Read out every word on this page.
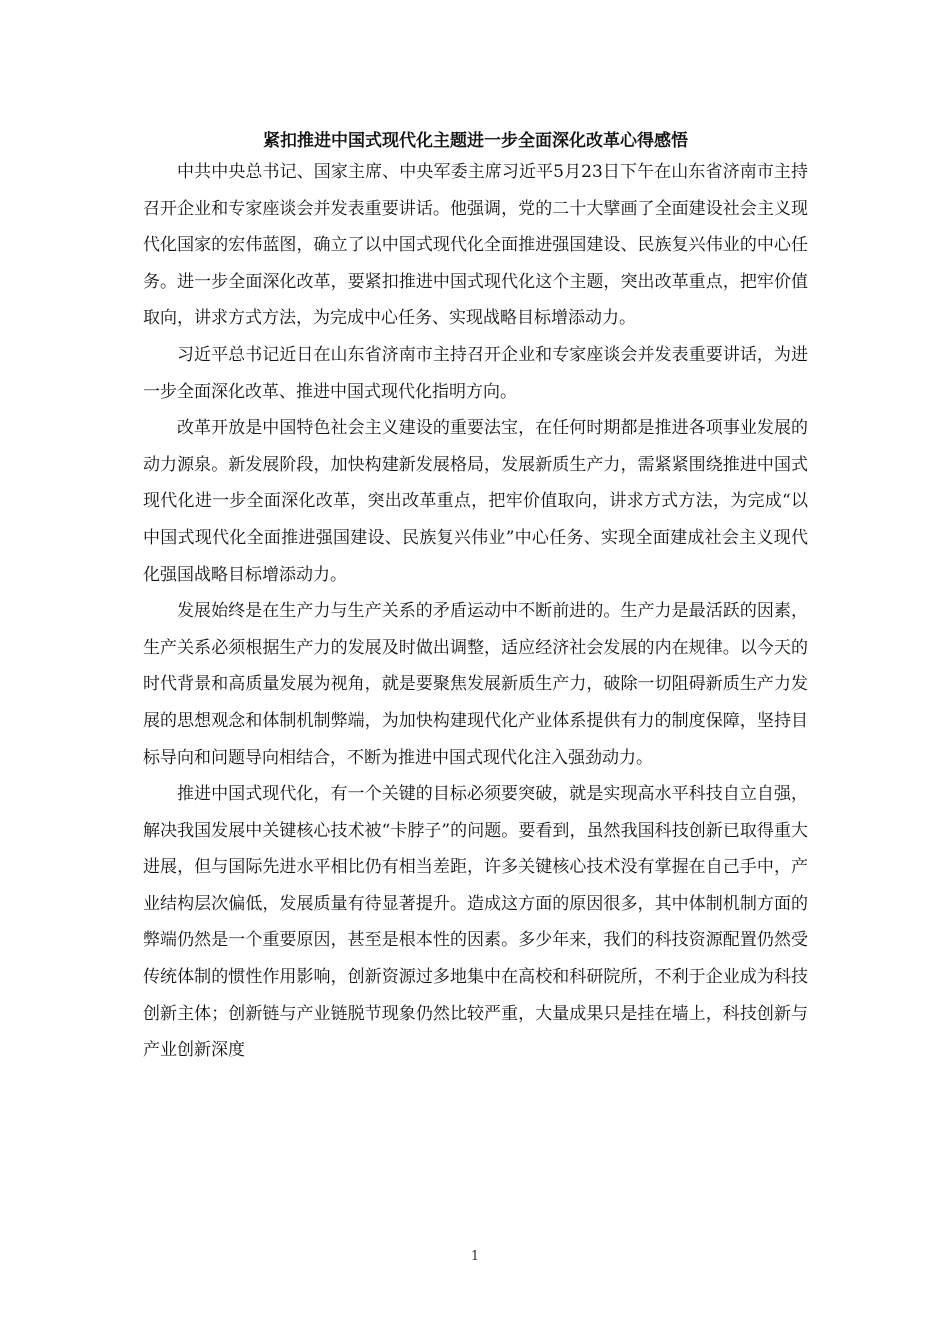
紧扣推进中国式现代化主题进一步全面深化改革心得感悟

中共中央总书记、国家主席、中央军委主席习近平5月23日下午在山东省济南市主持召开企业和专家座谈会并发表重要讲话。他强调，党的二十大擘画了全面建设社会主义现代化国家的宏伟蓝图，确立了以中国式现代化全面推进强国建设、民族复兴伟业的中心任务。进一步全面深化改革，要紧扣推进中国式现代化这个主题，突出改革重点，把牢价值取向，讲求方式方法，为完成中心任务、实现战略目标增添动力。

习近平总书记近日在山东省济南市主持召开企业和专家座谈会并发表重要讲话，为进一步全面深化改革、推进中国式现代化指明方向。

改革开放是中国特色社会主义建设的重要法宝，在任何时期都是推进各项事业发展的动力源泉。新发展阶段，加快构建新发展格局，发展新质生产力，需紧紧围绕推进中国式现代化进一步全面深化改革，突出改革重点，把牢价值取向，讲求方式方法，为完成“以中国式现代化全面推进强国建设、民族复兴伟业”中心任务、实现全面建成社会主义现代化强国战略目标增添动力。

发展始终是在生产力与生产关系的矛盾运动中不断前进的。生产力是最活跃的因素，生产关系必须根据生产力的发展及时做出调整，适应经济社会发展的内在规律。以今天的时代背景和高质量发展为视角，就是要聚焦发展新质生产力，破除一切阻碍新质生产力发展的思想观念和体制机制弊端，为加快构建现代化产业体系提供有力的制度保障，坚持目标导向和问题导向相结合，不断为推进中国式现代化注入强劲动力。

推进中国式现代化，有一个关键的目标必须要突破，就是实现高水平科技自立自强，解决我国发展中关键核心技术被“卡脖子”的问题。要看到，虽然我国科技创新已取得重大进展，但与国际先进水平相比仍有相当差距，许多关键核心技术没有掌握在自己手中，产业结构层次偏低，发展质量有待显著提升。造成这方面的原因很多，其中体制机制方面的弊端仍然是一个重要原因，甚至是根本性的因素。多少年来，我们的科技资源配置仍然受传统体制的惯性作用影响，创新资源过多地集中在高校和科研院所，不利于企业成为科技创新主体；创新链与产业链脱节现象仍然比较严重，大量成果只是挂在墙上，科技创新与产业创新深度

1
